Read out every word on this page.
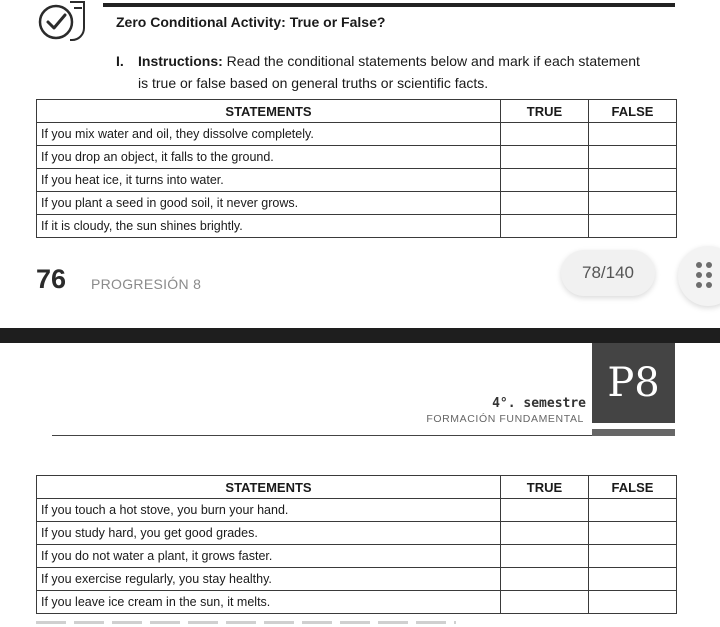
Zero Conditional Activity: True or False?
I. Instructions: Read the conditional statements below and mark if each statement
is true or false based on general truths or scientific facts.
STATEMENTS	TRUE	FALSE
If you mix water and oil, they dissolve completely.		
If you drop an object, it falls to the ground.		
If you heat ice, it turns into water.		
If you plant a seed in good soil, it never grows.		
If it is cloudy, the sun shines brightly.		
76 PROGRESIÓN 8
78/140
P8
4°. semestre
FORMACIÓN FUNDAMENTAL
STATEMENTS	TRUE	FALSE
If you touch a hot stove, you burn your hand.		
If you study hard, you get good grades.		
If you do not water a plant, it grows faster.		
If you exercise regularly, you stay healthy.		
If you leave ice cream in the sun, it melts.		
